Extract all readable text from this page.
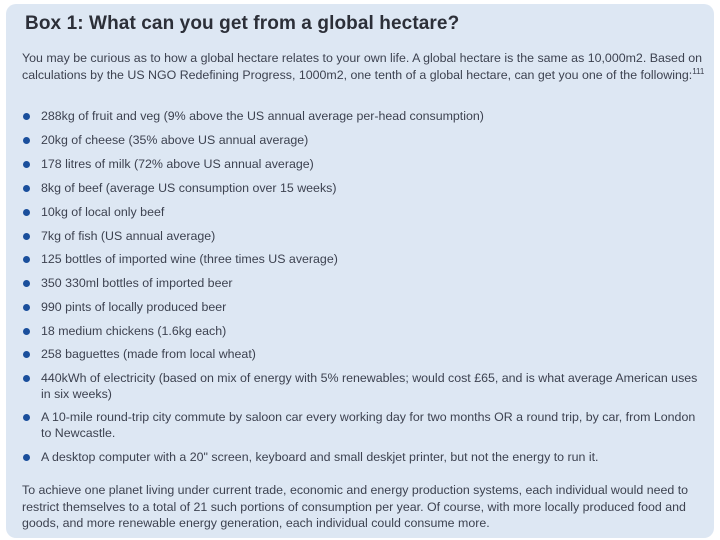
Box 1: What can you get from a global hectare?
You may be curious as to how a global hectare relates to your own life. A global hectare is the same as 10,000m2. Based on calculations by the US NGO Redefining Progress, 1000m2, one tenth of a global hectare, can get you one of the following:$^{111}$
288kg of fruit and veg (9% above the US annual average per-head consumption)
20kg of cheese (35% above US annual average)
178 litres of milk (72% above US annual average)
8kg of beef (average US consumption over 15 weeks)
10kg of local only beef
7kg of fish (US annual average)
125 bottles of imported wine (three times US average)
350 330ml bottles of imported beer
990 pints of locally produced beer
18 medium chickens (1.6kg each)
258 baguettes (made from local wheat)
440kWh of electricity (based on mix of energy with 5% renewables; would cost £65, and is what average American uses in six weeks)
A 10-mile round-trip city commute by saloon car every working day for two months OR a round trip, by car, from London to Newcastle.
A desktop computer with a 20" screen, keyboard and small deskjet printer, but not the energy to run it.
To achieve one planet living under current trade, economic and energy production systems, each individual would need to restrict themselves to a total of 21 such portions of consumption per year. Of course, with more locally produced food and goods, and more renewable energy generation, each individual could consume more.
